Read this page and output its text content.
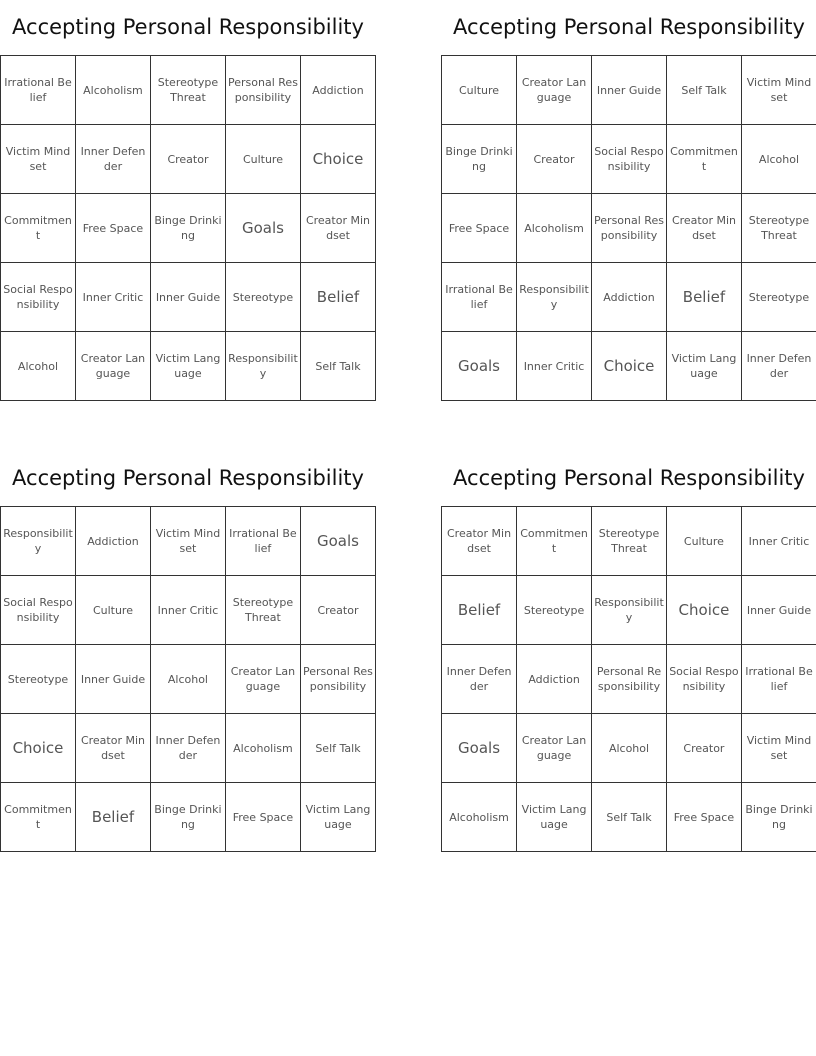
Accepting Personal Responsibility
Irrational Belief	Alcoholism	Stereotype Threat	Personal Responsibility	Addiction
Victim Mindset	Inner Defender	Creator	Culture	Choice
Commitment	Free Space	Binge Drinking	Goals	Creator Mindset
Social Responsibility	Inner Critic	Inner Guide	Stereotype	Belief
Alcohol	Creator Language	Victim Language	Responsibility	Self Talk
Accepting Personal Responsibility
Culture	Creator Language	Inner Guide	Self Talk	Victim Mindset
Binge Drinking	Creator	Social Responsibility	Commitment	Alcohol
Free Space	Alcoholism	Personal Responsibility	Creator Mindset	Stereotype Threat
Irrational Belief	Responsibility	Addiction	Belief	Stereotype
Goals	Inner Critic	Choice	Victim Language	Inner Defender
Accepting Personal Responsibility
Responsibility	Addiction	Victim Mindset	Irrational Belief	Goals
Social Responsibility	Culture	Inner Critic	Stereotype Threat	Creator
Stereotype	Inner Guide	Alcohol	Creator Language	Personal Responsibility
Choice	Creator Mindset	Inner Defender	Alcoholism	Self Talk
Commitment	Belief	Binge Drinking	Free Space	Victim Language
Accepting Personal Responsibility
Creator Mindset	Commitment	Stereotype Threat	Culture	Inner Critic
Belief	Stereotype	Responsibility	Choice	Inner Guide
Inner Defender	Addiction	Personal Responsibility	Social Responsibility	Irrational Belief
Goals	Creator Language	Alcohol	Creator	Victim Mindset
Alcoholism	Victim Language	Self Talk	Free Space	Binge Drinking
